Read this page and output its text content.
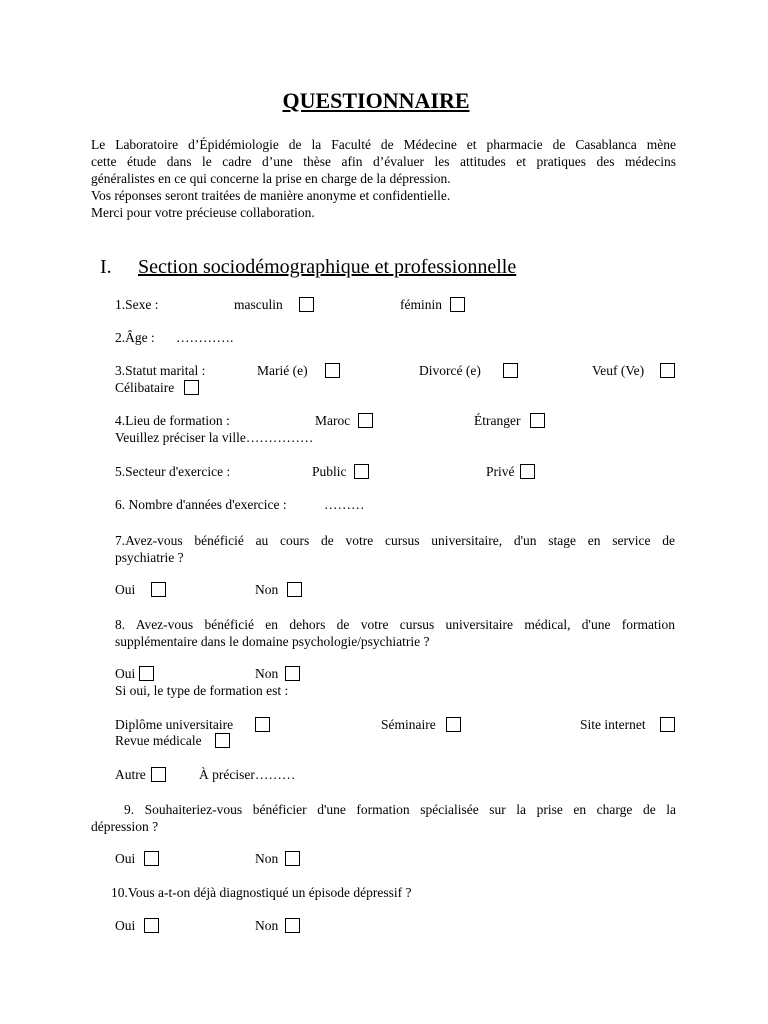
QUESTIONNAIRE

Le Laboratoire d’Épidémiologie de la Faculté de Médecine et pharmacie de Casablanca mène

cette étude dans le cadre d’une thèse afin d’évaluer les attitudes et pratiques des médecins

généralistes en ce qui concerne la prise en charge de la dépression.

Vos réponses seront traitées de manière anonyme et confidentielle.

Merci pour votre précieuse collaboration.

I. Section sociodémographique et professionnelle
1.Sexe :	masculin	féminin
2.Âge : ………….
3.Statut marital :	Marié (e)	Divorcé (e)	Veuf (Ve)
Célibataire
4.Lieu de formation :	Maroc	Étranger
Veuillez préciser la ville……………
5.Secteur d'exercice :	Public	Privé
6. Nombre d'années d'exercice :	………
7.Avez-vous bénéficié au cours de votre cursus universitaire, d'un stage en service de
psychiatrie ?
Oui	Non
8. Avez-vous bénéficié en dehors de votre cursus universitaire médical, d'une formation
supplémentaire dans le domaine psychologie/psychiatrie ?
Oui	Non
Si oui, le type de formation est :
Diplôme universitaire	Séminaire	Site internet
Revue médicale
Autre	À préciser………
9. Souhaiteriez-vous bénéficier d'une formation spécialisée sur la prise en charge de la
dépression ?
Oui	Non
10.Vous a-t-on déjà diagnostiqué un épisode dépressif ?
Oui	Non
